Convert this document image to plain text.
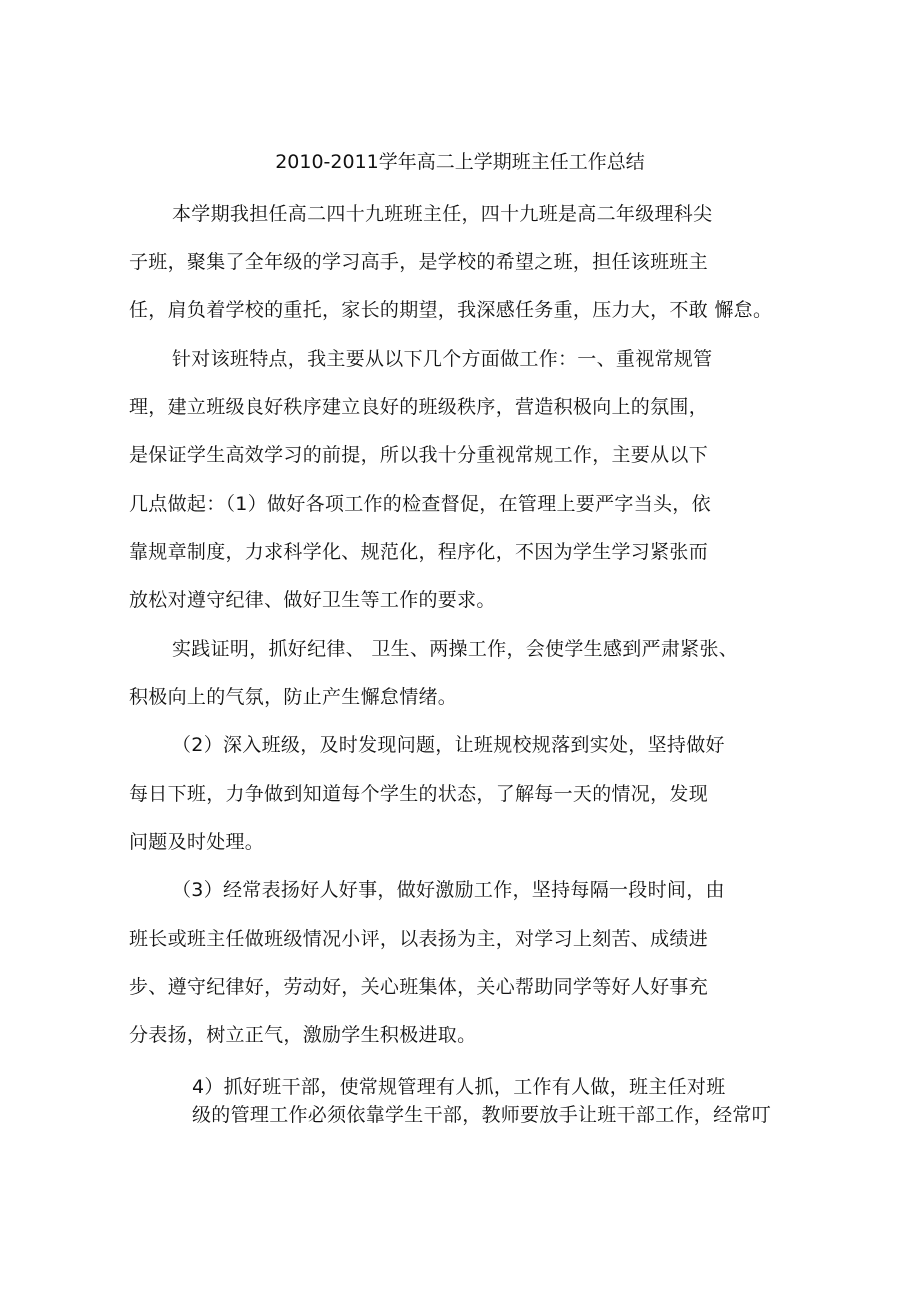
2010-2011学年高二上学期班主任工作总结
本学期我担任高二四十九班班主任，四十九班是高二年级理科尖
子班，聚集了全年级的学习高手，是学校的希望之班，担任该班班主
任，肩负着学校的重托，家长的期望，我深感任务重，压力大，不敢 懈怠。
针对该班特点，我主要从以下几个方面做工作：一、重视常规管
理，建立班级良好秩序建立良好的班级秩序，营造积极向上的氛围，
是保证学生高效学习的前提，所以我十分重视常规工作，主要从以下
几点做起：（1）做好各项工作的检查督促，在管理上要严字当头，依
靠规章制度，力求科学化、规范化，程序化，不因为学生学习紧张而
放松对遵守纪律、做好卫生等工作的要求。
实践证明，抓好纪律、 卫生、两操工作，会使学生感到严肃紧张、
积极向上的气氛，防止产生懈怠情绪。
（2）深入班级，及时发现问题，让班规校规落到实处，坚持做好
每日下班，力争做到知道每个学生的状态，了解每一天的情况，发现
问题及时处理。
（3）经常表扬好人好事，做好激励工作，坚持每隔一段时间，由
班长或班主任做班级情况小评，以表扬为主，对学习上刻苦、成绩进
步、遵守纪律好，劳动好，关心班集体，关心帮助同学等好人好事充
分表扬，树立正气，激励学生积极进取。
4）抓好班干部，使常规管理有人抓，工作有人做，班主任对班
级的管理工作必须依靠学生干部，教师要放手让班干部工作，经常叮
